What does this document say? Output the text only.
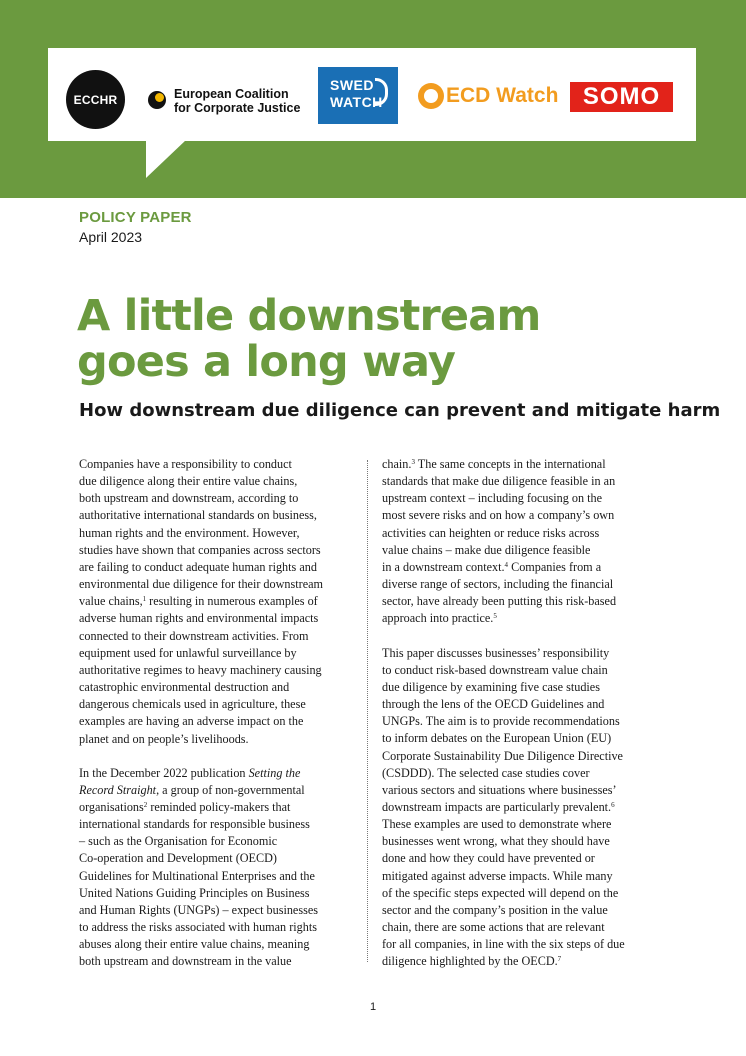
ECCHR	European Coalition
for Corporate Justice
SWED
WATCH	ECD Watch	SOMO
POLICY PAPER
April 2023
A little downstream
goes a long way
How downstream due diligence can prevent and mitigate harm

Companies have a responsibility to conduct
due diligence along their entire value chains,
both upstream and downstream, according to
authoritative international standards on business,
human rights and the environment. However,
studies have shown that companies across sectors
are failing to conduct adequate human rights and
environmental due diligence for their downstream
value chains,$^1$ resulting in numerous examples of
adverse human rights and environmental impacts
connected to their downstream activities. From
equipment used for unlawful surveillance by
authoritative regimes to heavy machinery causing
catastrophic environmental destruction and
dangerous chemicals used in agriculture, these
examples are having an adverse impact on the
planet and on people’s livelihoods.

In the December 2022 publication Setting the
Record Straight, a group of non-governmental
organisations$^2$ reminded policy-makers that
international standards for responsible business
– such as the Organisation for Economic
Co-operation and Development (OECD)
Guidelines for Multinational Enterprises and the
United Nations Guiding Principles on Business
and Human Rights (UNGPs) – expect businesses
to address the risks associated with human rights
abuses along their entire value chains, meaning
both upstream and downstream in the value

chain.$^3$ The same concepts in the international
standards that make due diligence feasible in an
upstream context – including focusing on the
most severe risks and on how a company’s own
activities can heighten or reduce risks across
value chains – make due diligence feasible
in a downstream context.$^4$ Companies from a
diverse range of sectors, including the financial
sector, have already been putting this risk-based
approach into practice.$^5$

This paper discusses businesses’ responsibility
to conduct risk-based downstream value chain
due diligence by examining five case studies
through the lens of the OECD Guidelines and
UNGPs. The aim is to provide recommendations
to inform debates on the European Union (EU)
Corporate Sustainability Due Diligence Directive
(CSDDD). The selected case studies cover
various sectors and situations where businesses’
downstream impacts are particularly prevalent.$^6$
These examples are used to demonstrate where
businesses went wrong, what they should have
done and how they could have prevented or
mitigated against adverse impacts. While many
of the specific steps expected will depend on the
sector and the company’s position in the value
chain, there are some actions that are relevant
for all companies, in line with the six steps of due
diligence highlighted by the OECD.$^7$

1
